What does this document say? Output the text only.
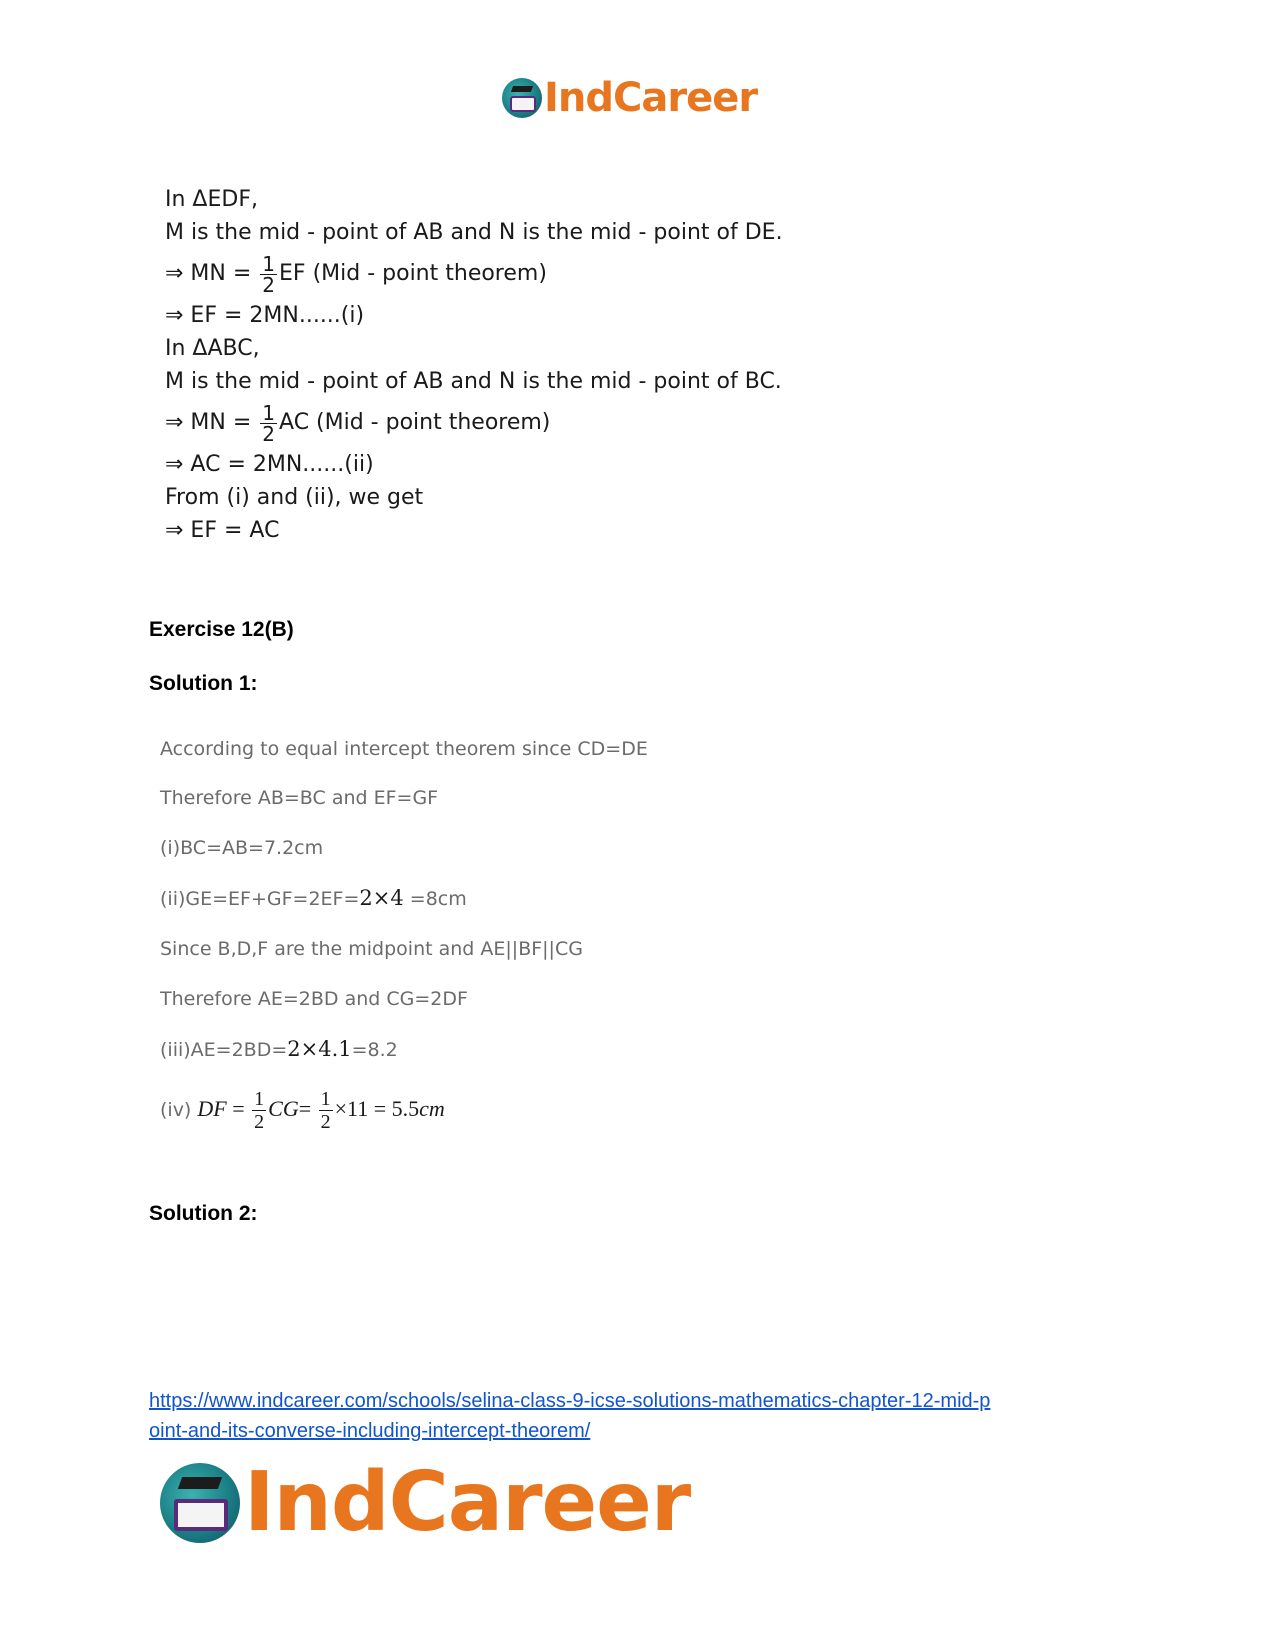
IndCareer
In ΔEDF,
M is the mid - point of AB and N is the mid - point of DE.
⇒ MN = $\frac{1}{2}$ EF (Mid - point theorem)
⇒ EF = 2MN......(i)
In ΔABC,
M is the mid - point of AB and N is the mid - point of BC.
⇒ MN = $\frac{1}{2}$ AC (Mid - point theorem)
⇒ AC = 2MN......(ii)
From (i) and (ii), we get
⇒ EF = AC
Exercise 12(B)
Solution 1:
According to equal intercept theorem since CD=DE
Therefore AB=BC and EF=GF
(i)BC=AB=7.2cm
(ii)GE=EF+GF=2EF=2×4 =8cm
Since B,D,F are the midpoint and AE||BF||CG
Therefore AE=2BD and CG=2DF
(iii)AE=2BD=2×4.1=8.2
(iv) DF = $\frac{1}{2} CG= \frac{1}{2} \times 11 = 5.5cm$
Solution 2:
https://www.indcareer.com/schools/selina-class-9-icse-solutions-mathematics-chapter-12-mid-p
oint-and-its-converse-including-intercept-theorem/
IndCareer
